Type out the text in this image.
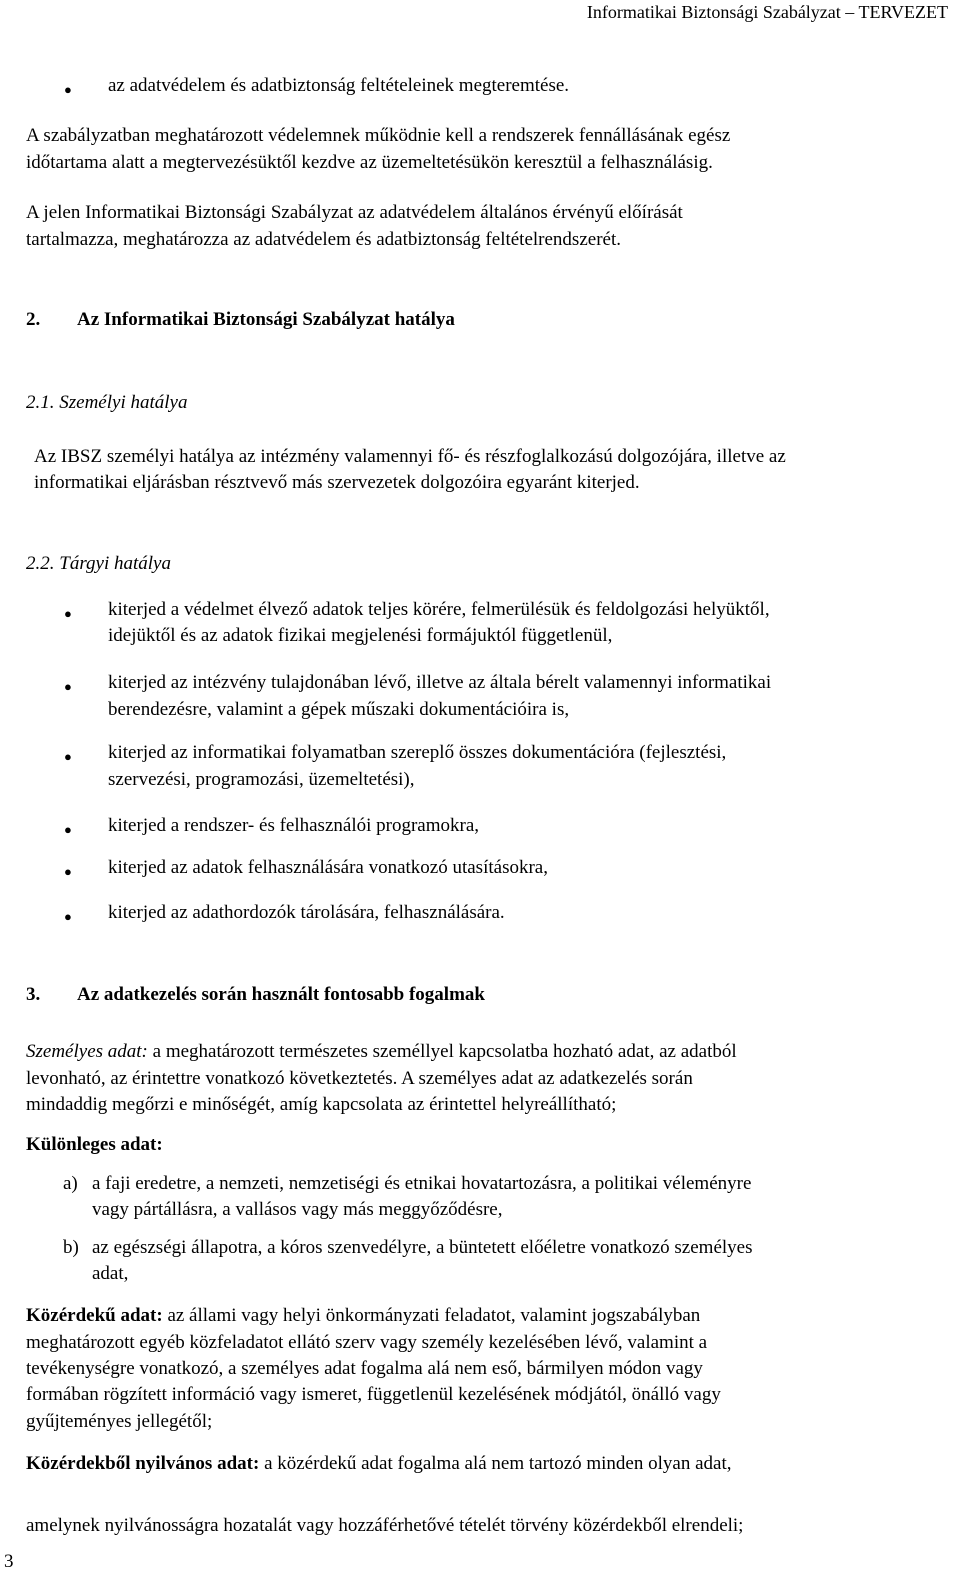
Informatikai Biztonsági Szabályzat – TERVEZET
● az adatvédelem és adatbiztonság feltételeinek megteremtése.
A szabályzatban meghatározott védelemnek működnie kell a rendszerek fennállásának egész
időtartama alatt a megtervezésüktől kezdve az üzemeltetésükön keresztül a felhasználásig.
A jelen Informatikai Biztonsági Szabályzat az adatvédelem általános érvényű előírását
tartalmazza, meghatározza az adatvédelem és adatbiztonság feltételrendszerét.
2. Az Informatikai Biztonsági Szabályzat hatálya
2.1. Személyi hatálya
Az IBSZ személyi hatálya az intézmény valamennyi fő- és részfoglalkozású dolgozójára, illetve az
informatikai eljárásban résztvevő más szervezetek dolgozóira egyaránt kiterjed.
2.2. Tárgyi hatálya
● kiterjed a védelmet élvező adatok teljes körére, felmerülésük és feldolgozási helyüktől,
idejüktől és az adatok fizikai megjelenési formájuktól függetlenül,
● kiterjed az intézvény tulajdonában lévő, illetve az általa bérelt valamennyi informatikai
berendezésre, valamint a gépek műszaki dokumentációira is,
● kiterjed az informatikai folyamatban szereplő összes dokumentációra (fejlesztési,
szervezési, programozási, üzemeltetési),
● kiterjed a rendszer- és felhasználói programokra,
● kiterjed az adatok felhasználására vonatkozó utasításokra,
● kiterjed az adathordozók tárolására, felhasználására.
3. Az adatkezelés során használt fontosabb fogalmak
Személyes adat: a meghatározott természetes személlyel kapcsolatba hozható adat, az adatból
levonható, az érintettre vonatkozó következtetés. A személyes adat az adatkezelés során
mindaddig megőrzi e minőségét, amíg kapcsolata az érintettel helyreállítható;
Különleges adat:
a) a faji eredetre, a nemzeti, nemzetiségi és etnikai hovatartozásra, a politikai véleményre
vagy pártállásra, a vallásos vagy más meggyőződésre,
b) az egészségi állapotra, a kóros szenvedélyre, a büntetett előéletre vonatkozó személyes
adat,
Közérdekű adat: az állami vagy helyi önkormányzati feladatot, valamint jogszabályban
meghatározott egyéb közfeladatot ellátó szerv vagy személy kezelésében lévő, valamint a
tevékenységre vonatkozó, a személyes adat fogalma alá nem eső, bármilyen módon vagy
formában rögzített információ vagy ismeret, függetlenül kezelésének módjától, önálló vagy
gyűjteményes jellegétől;
Közérdekből nyilvános adat: a közérdekű adat fogalma alá nem tartozó minden olyan adat,
amelynek nyilvánosságra hozatalát vagy hozzáférhetővé tételét törvény közérdekből elrendeli;
3
